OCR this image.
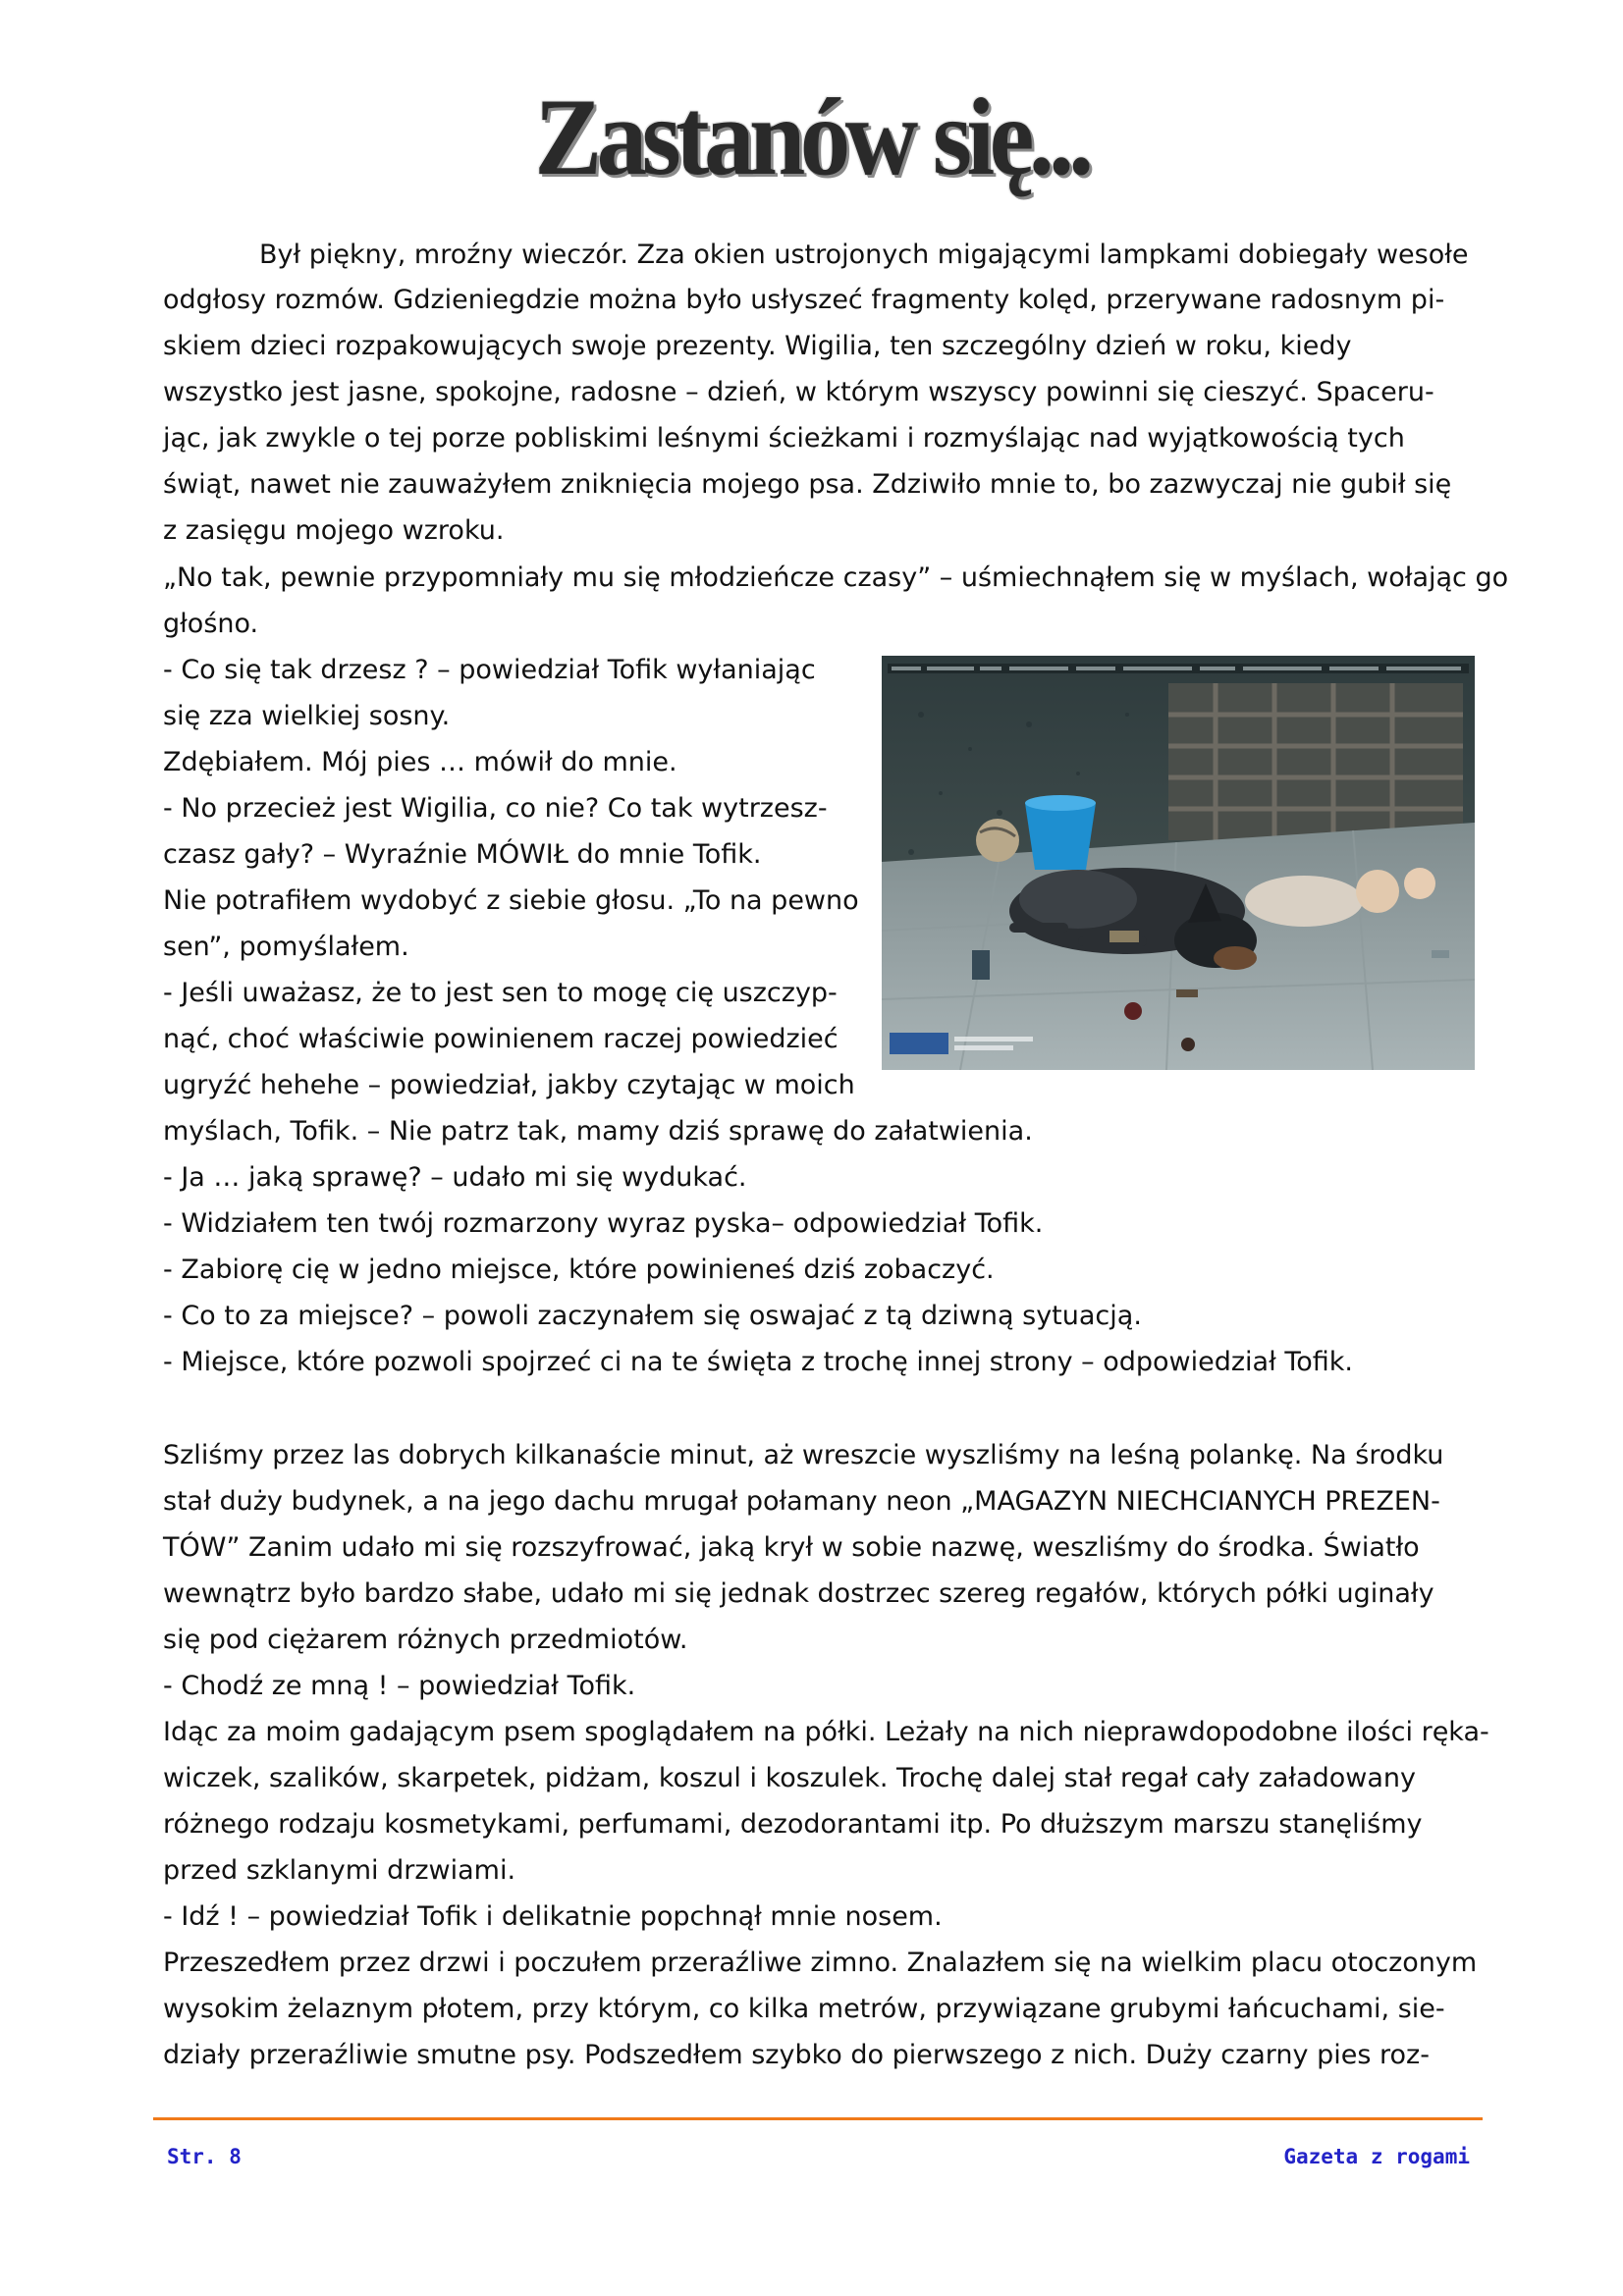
Zastanów się...
Był piękny, mroźny wieczór. Zza okien ustrojonych migającymi lampkami dobiegały wesołe
odgłosy rozmów. Gdzieniegdzie można było usłyszeć fragmenty kolęd, przerywane radosnym pi-
skiem dzieci rozpakowujących swoje prezenty. Wigilia, ten szczególny dzień w roku, kiedy
wszystko jest jasne, spokojne, radosne – dzień, w którym wszyscy powinni się cieszyć. Spaceru-
jąc, jak zwykle o tej porze pobliskimi leśnymi ścieżkami i rozmyślając nad wyjątkowością tych
świąt, nawet nie zauważyłem zniknięcia mojego psa. Zdziwiło mnie to, bo zazwyczaj nie gubił się
z zasięgu mojego wzroku.
„No tak, pewnie przypomniały mu się młodzieńcze czasy” – uśmiechnąłem się w myślach, wołając go
głośno.
- Co się tak drzesz ? – powiedział Tofik wyłaniając
się zza wielkiej sosny.
Zdębiałem. Mój pies … mówił do mnie.
- No przecież jest Wigilia, co nie? Co tak wytrzesz-
czasz gały? – Wyraźnie MÓWIŁ do mnie Tofik.
Nie potrafiłem wydobyć z siebie głosu. „To na pewno
sen”, pomyślałem.
- Jeśli uważasz, że to jest sen to mogę cię uszczyp-
nąć, choć właściwie powinienem raczej powiedzieć
ugryźć hehehe – powiedział, jakby czytając w moich
myślach, Tofik. – Nie patrz tak, mamy dziś sprawę do załatwienia.
- Ja … jaką sprawę? – udało mi się wydukać.
- Widziałem ten twój rozmarzony wyraz pyska– odpowiedział Tofik.
- Zabiorę cię w jedno miejsce, które powinieneś dziś zobaczyć.
- Co to za miejsce? – powoli zaczynałem się oswajać z tą dziwną sytuacją.
- Miejsce, które pozwoli spojrzeć ci na te święta z trochę innej strony – odpowiedział Tofik.
Szliśmy przez las dobrych kilkanaście minut, aż wreszcie wyszliśmy na leśną polankę. Na środku
stał duży budynek, a na jego dachu mrugał połamany neon „MAGAZYN NIECHCIANYCH PREZEN-
TÓW” Zanim udało mi się rozszyfrować, jaką krył w sobie nazwę, weszliśmy do środka. Światło
wewnątrz było bardzo słabe, udało mi się jednak dostrzec szereg regałów, których półki uginały
się pod ciężarem różnych przedmiotów.
- Chodź ze mną ! – powiedział Tofik.
Idąc za moim gadającym psem spoglądałem na półki. Leżały na nich nieprawdopodobne ilości ręka-
wiczek, szalików, skarpetek, pidżam, koszul i koszulek. Trochę dalej stał regał cały załadowany
różnego rodzaju kosmetykami, perfumami, dezodorantami itp. Po dłuższym marszu stanęliśmy
przed szklanymi drzwiami.
- Idź ! – powiedział Tofik i delikatnie popchnął mnie nosem.
Przeszedłem przez drzwi i poczułem przeraźliwe zimno. Znalazłem się na wielkim placu otoczonym
wysokim żelaznym płotem, przy którym, co kilka metrów, przywiązane grubymi łańcuchami, sie-
działy przeraźliwie smutne psy. Podszedłem szybko do pierwszego z nich. Duży czarny pies roz-
Str. 8	Gazeta z rogami
